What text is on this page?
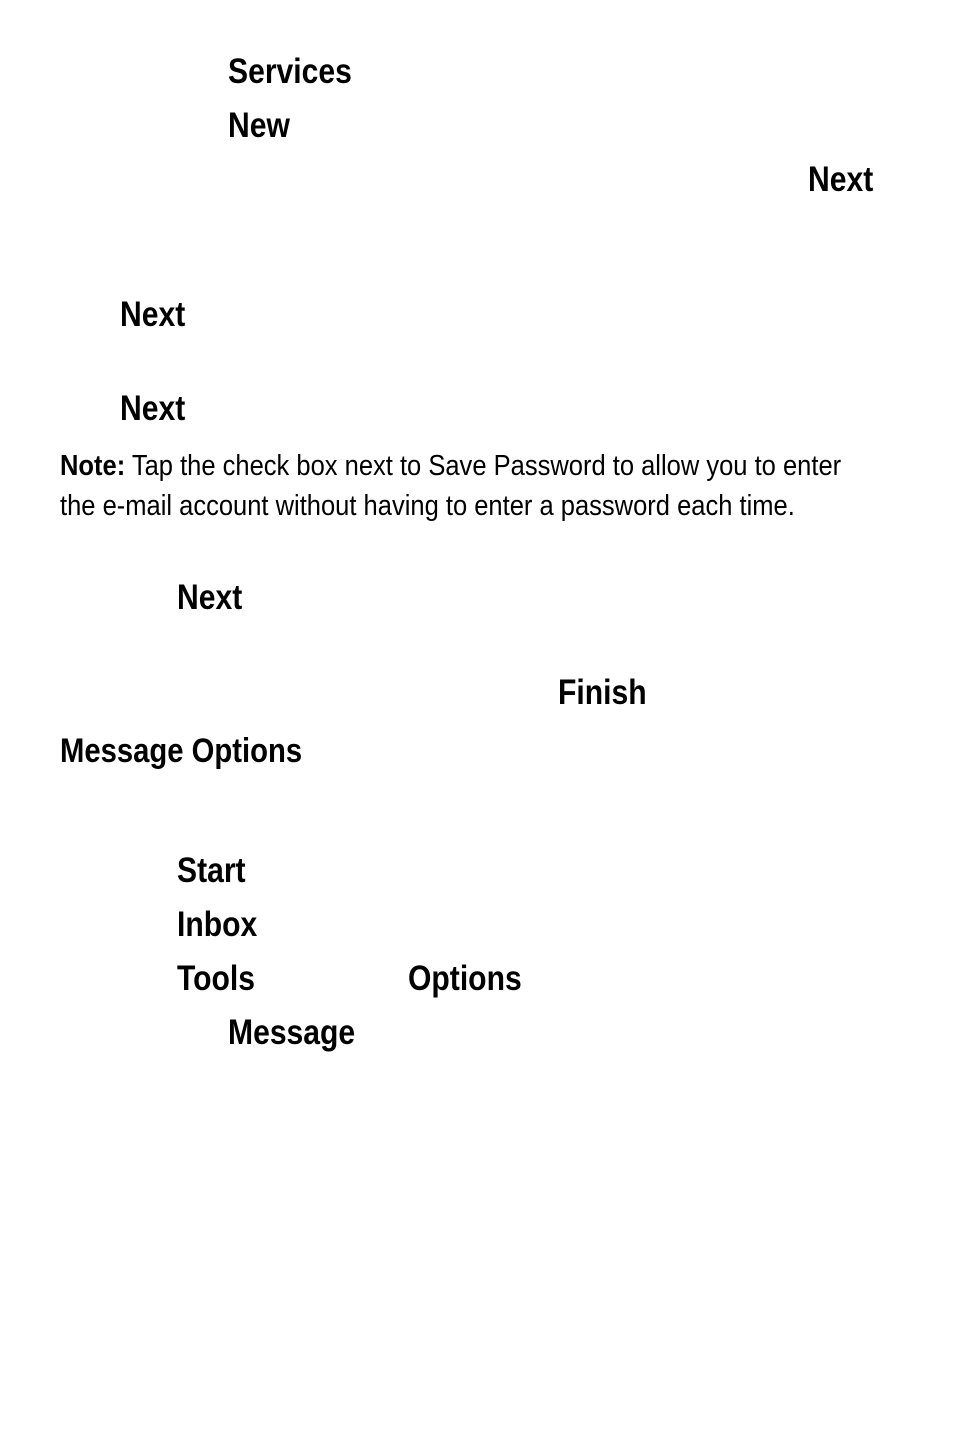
Services
New
Next
Next
Next
Note: Tap the check box next to Save Password to allow you to enter
the e-mail account without having to enter a password each time.
Next
Finish
Message Options
Start
Inbox
Tools	Options
Message
